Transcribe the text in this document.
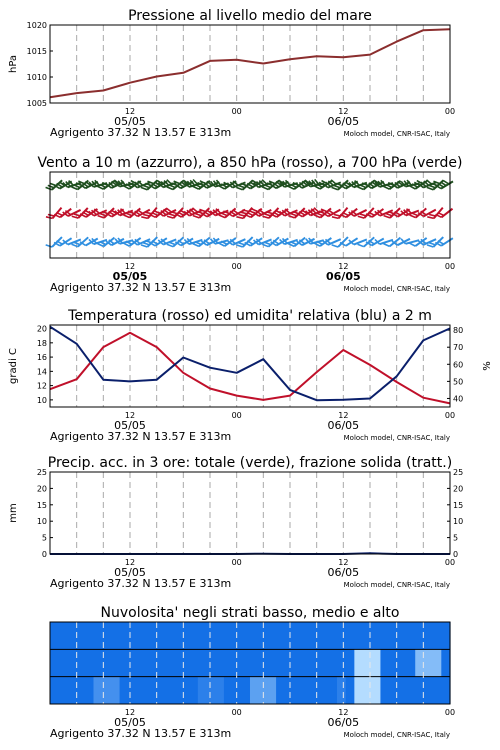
Pressione al livello medio del mare
12	00	12	00
05/05	06/05
Agrigento 37.32 N 13.57 E 313m	Moloch model, CNR-ISAC, Italy
1005
1010
1015
1020
hPa
Vento a 10 m (azzurro), a 850 hPa (rosso), a 700 hPa (verde)
12	00	12	00
05/05	06/05
Agrigento 37.32 N 13.57 E 313m	Moloch model, CNR-ISAC, Italy
Temperatura (rosso) ed umidita' relativa (blu) a 2 m
12	00	12	00
05/05	06/05
Agrigento 37.32 N 13.57 E 313m	Moloch model, CNR-ISAC, Italy
10
12
14
16
18
20
40
50
60
70
80
gradi C	%
Precip. acc. in 3 ore: totale (verde), frazione solida (tratt.)
12	00	12	00
05/05	06/05
Agrigento 37.32 N 13.57 E 313m	Moloch model, CNR-ISAC, Italy
0
5
10
15
20
25
0
5
10
15
20
25
mm
Nuvolosita' negli strati basso, medio e alto
12	00	12	00
05/05	06/05
Agrigento 37.32 N 13.57 E 313m	Moloch model, CNR-ISAC, Italy
